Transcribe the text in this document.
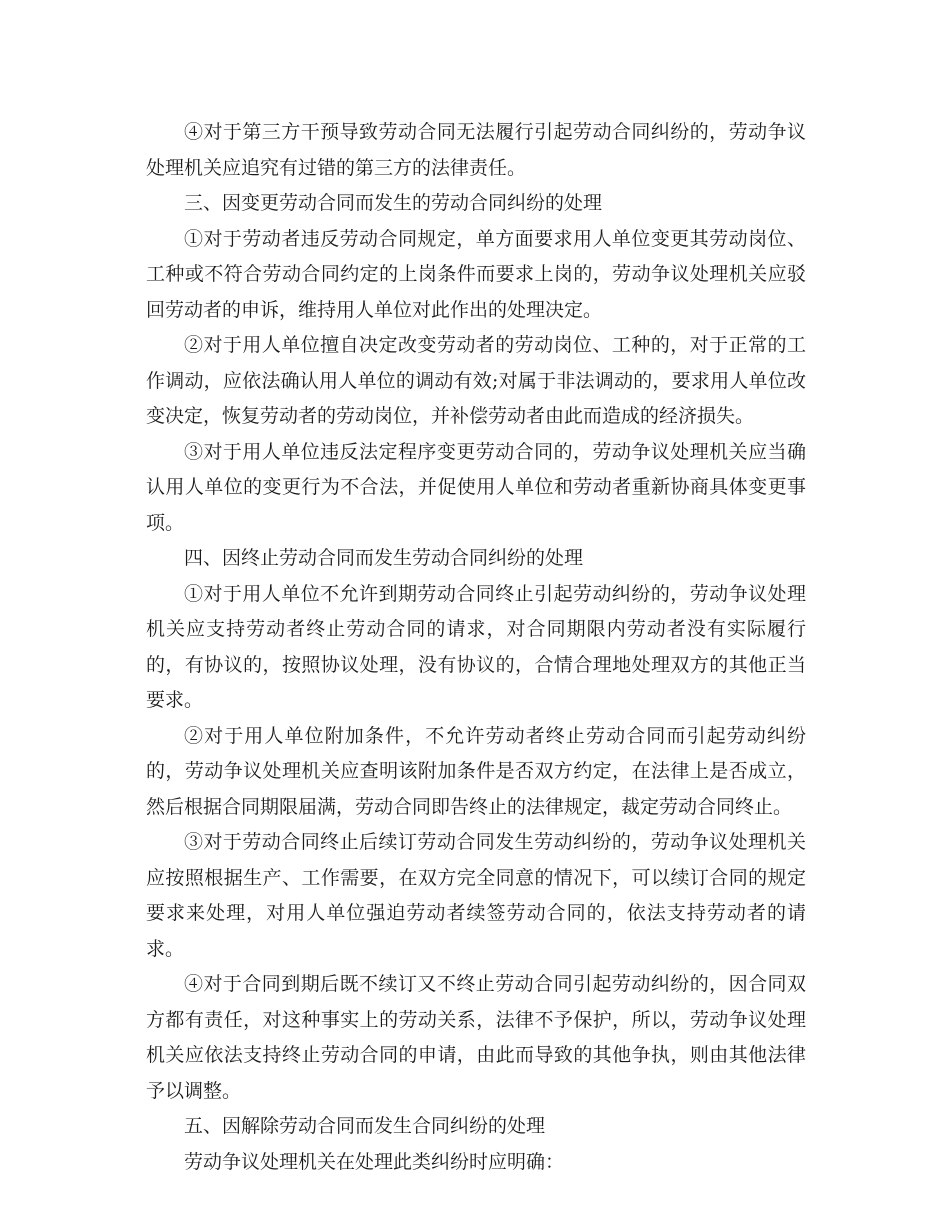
④对于第三方干预导致劳动合同无法履行引起劳动合同纠纷的，劳动争议处理机关应追究有过错的第三方的法律责任。

三、因变更劳动合同而发生的劳动合同纠纷的处理

①对于劳动者违反劳动合同规定，单方面要求用人单位变更其劳动岗位、工种或不符合劳动合同约定的上岗条件而要求上岗的，劳动争议处理机关应驳回劳动者的申诉，维持用人单位对此作出的处理决定。

②对于用人单位擅自决定改变劳动者的劳动岗位、工种的，对于正常的工作调动，应依法确认用人单位的调动有效;对属于非法调动的，要求用人单位改变决定，恢复劳动者的劳动岗位，并补偿劳动者由此而造成的经济损失。

③对于用人单位违反法定程序变更劳动合同的，劳动争议处理机关应当确认用人单位的变更行为不合法，并促使用人单位和劳动者重新协商具体变更事项。

四、因终止劳动合同而发生劳动合同纠纷的处理

①对于用人单位不允许到期劳动合同终止引起劳动纠纷的，劳动争议处理机关应支持劳动者终止劳动合同的请求，对合同期限内劳动者没有实际履行的，有协议的，按照协议处理，没有协议的，合情合理地处理双方的其他正当要求。

②对于用人单位附加条件，不允许劳动者终止劳动合同而引起劳动纠纷的，劳动争议处理机关应查明该附加条件是否双方约定，在法律上是否成立，然后根据合同期限届满，劳动合同即告终止的法律规定，裁定劳动合同终止。

③对于劳动合同终止后续订劳动合同发生劳动纠纷的，劳动争议处理机关应按照根据生产、工作需要，在双方完全同意的情况下，可以续订合同的规定要求来处理，对用人单位强迫劳动者续签劳动合同的，依法支持劳动者的请求。

④对于合同到期后既不续订又不终止劳动合同引起劳动纠纷的，因合同双方都有责任，对这种事实上的劳动关系，法律不予保护，所以，劳动争议处理机关应依法支持终止劳动合同的申请，由此而导致的其他争执，则由其他法律予以调整。

五、因解除劳动合同而发生合同纠纷的处理

劳动争议处理机关在处理此类纠纷时应明确：
